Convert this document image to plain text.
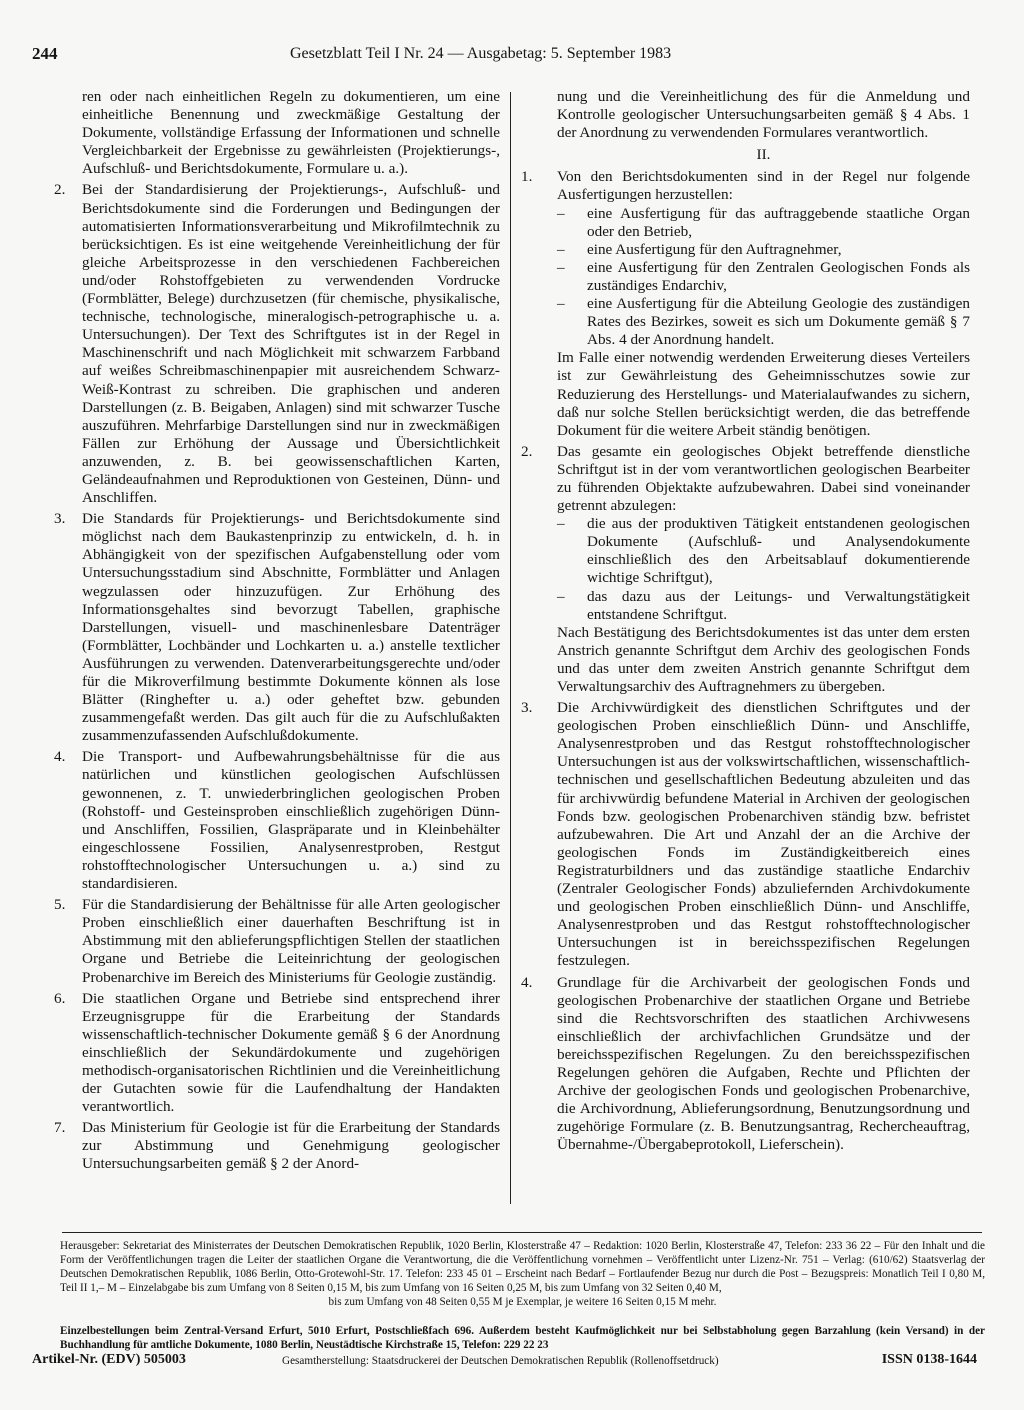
244	Gesetzblatt Teil I Nr. 24 — Ausgabetag: 5. September 1983

ren oder nach einheitlichen Regeln zu dokumentieren, um eine einheitliche Benennung und zweckmäßige Gestaltung der Dokumente, vollständige Erfassung der Informationen und schnelle Vergleichbarkeit der Ergebnisse zu gewährleisten (Projektierungs-, Aufschluß- und Berichtsdokumente, Formulare u. a.).

2. Bei der Standardisierung der Projektierungs-, Aufschluß- und Berichtsdokumente sind die Forderungen und Bedingungen der automatisierten Informationsverarbeitung und Mikrofilmtechnik zu berücksichtigen. Es ist eine weitgehende Vereinheitlichung der für gleiche Arbeitsprozesse in den verschiedenen Fachbereichen und/oder Rohstoffgebieten zu verwendenden Vordrucke (Formblätter, Belege) durchzusetzen (für chemische, physikalische, technische, technologische, mineralogisch-petrographische u. a. Untersuchungen). Der Text des Schriftgutes ist in der Regel in Maschinenschrift und nach Möglichkeit mit schwarzem Farbband auf weißes Schreibmaschinenpapier mit ausreichendem Schwarz-Weiß-Kontrast zu schreiben. Die graphischen und anderen Darstellungen (z. B. Beigaben, Anlagen) sind mit schwarzer Tusche auszuführen. Mehrfarbige Darstellungen sind nur in zweckmäßigen Fällen zur Erhöhung der Aussage und Übersichtlichkeit anzuwenden, z. B. bei geowissenschaftlichen Karten, Geländeaufnahmen und Reproduktionen von Gesteinen, Dünn- und Anschliffen.
3. Die Standards für Projektierungs- und Berichtsdokumente sind möglichst nach dem Baukastenprinzip zu entwickeln, d. h. in Abhängigkeit von der spezifischen Aufgabenstellung oder vom Untersuchungsstadium sind Abschnitte, Formblätter und Anlagen wegzulassen oder hinzuzufügen. Zur Erhöhung des Informationsgehaltes sind bevorzugt Tabellen, graphische Darstellungen, visuell- und maschinenlesbare Datenträger (Formblätter, Lochbänder und Lochkarten u. a.) anstelle textlicher Ausführungen zu verwenden. Datenverarbeitungsgerechte und/oder für die Mikroverfilmung bestimmte Dokumente können als lose Blätter (Ringhefter u. a.) oder geheftet bzw. gebunden zusammengefaßt werden. Das gilt auch für die zu Aufschlußakten zusammenzufassenden Aufschlußdokumente.
4. Die Transport- und Aufbewahrungsbehältnisse für die aus natürlichen und künstlichen geologischen Aufschlüssen gewonnenen, z. T. unwiederbringlichen geologischen Proben (Rohstoff- und Gesteinsproben einschließlich zugehörigen Dünn- und Anschliffen, Fossilien, Glaspräparate und in Kleinbehälter eingeschlossene Fossilien, Analysenrestproben, Restgut rohstofftechnologischer Untersuchungen u. a.) sind zu standardisieren.
5. Für die Standardisierung der Behältnisse für alle Arten geologischer Proben einschließlich einer dauerhaften Beschriftung ist in Abstimmung mit den ablieferungspflichtigen Stellen der staatlichen Organe und Betriebe die Leiteinrichtung der geologischen Probenarchive im Bereich des Ministeriums für Geologie zuständig.
6. Die staatlichen Organe und Betriebe sind entsprechend ihrer Erzeugnisgruppe für die Erarbeitung der Standards wissenschaftlich-technischer Dokumente gemäß § 6 der Anordnung einschließlich der Sekundärdokumente und zugehörigen methodisch-organisatorischen Richtlinien und die Vereinheitlichung der Gutachten sowie für die Laufendhaltung der Handakten verantwortlich.
7. Das Ministerium für Geologie ist für die Erarbeitung der Standards zur Abstimmung und Genehmigung geologischer Untersuchungsarbeiten gemäß § 2 der Anord-

nung und die Vereinheitlichung des für die Anmeldung und Kontrolle geologischer Untersuchungsarbeiten gemäß § 4 Abs. 1 der Anordnung zu verwendenden Formulares verantwortlich.

II.

1. Von den Berichtsdokumenten sind in der Regel nur folgende Ausfertigungen herzustellen:

– eine Ausfertigung für das auftraggebende staatliche Organ oder den Betrieb,
– eine Ausfertigung für den Auftragnehmer,
– eine Ausfertigung für den Zentralen Geologischen Fonds als zuständiges Endarchiv,
– eine Ausfertigung für die Abteilung Geologie des zuständigen Rates des Bezirkes, soweit es sich um Dokumente gemäß § 7 Abs. 4 der Anordnung handelt.

Im Falle einer notwendig werdenden Erweiterung dieses Verteilers ist zur Gewährleistung des Geheimnisschutzes sowie zur Reduzierung des Herstellungs- und Materialaufwandes zu sichern, daß nur solche Stellen berücksichtigt werden, die das betreffende Dokument für die weitere Arbeit ständig benötigen.

2. Das gesamte ein geologisches Objekt betreffende dienstliche Schriftgut ist in der vom verantwortlichen geologischen Bearbeiter zu führenden Objektakte aufzubewahren. Dabei sind voneinander getrennt abzulegen:

– die aus der produktiven Tätigkeit entstandenen geologischen Dokumente (Aufschluß- und Analysendokumente einschließlich des den Arbeitsablauf dokumentierende wichtige Schriftgut),
– das dazu aus der Leitungs- und Verwaltungstätigkeit entstandene Schriftgut.

Nach Bestätigung des Berichtsdokumentes ist das unter dem ersten Anstrich genannte Schriftgut dem Archiv des geologischen Fonds und das unter dem zweiten Anstrich genannte Schriftgut dem Verwaltungsarchiv des Auftragnehmers zu übergeben.

3. Die Archivwürdigkeit des dienstlichen Schriftgutes und der geologischen Proben einschließlich Dünn- und Anschliffe, Analysenrestproben und das Restgut rohstofftechnologischer Untersuchungen ist aus der volkswirtschaftlichen, wissenschaftlich-technischen und gesellschaftlichen Bedeutung abzuleiten und das für archivwürdig befundene Material in Archiven der geologischen Fonds bzw. geologischen Probenarchiven ständig bzw. befristet aufzubewahren. Die Art und Anzahl der an die Archive der geologischen Fonds im Zuständigkeitbereich eines Registraturbildners und das zuständige staatliche Endarchiv (Zentraler Geologischer Fonds) abzuliefernden Archivdokumente und geologischen Proben einschließlich Dünn- und Anschliffe, Analysenrestproben und das Restgut rohstofftechnologischer Untersuchungen ist in bereichsspezifischen Regelungen festzulegen.

4. Grundlage für die Archivarbeit der geologischen Fonds und geologischen Probenarchive der staatlichen Organe und Betriebe sind die Rechtsvorschriften des staatlichen Archivwesens einschließlich der archivfachlichen Grundsätze und der bereichsspezifischen Regelungen. Zu den bereichsspezifischen Regelungen gehören die Aufgaben, Rechte und Pflichten der Archive der geologischen Fonds und geologischen Probenarchive, die Archivordnung, Ablieferungsordnung, Benutzungsordnung und zugehörige Formulare (z. B. Benutzungsantrag, Rechercheauftrag, Übernahme-/Übergabeprotokoll, Lieferschein).

Herausgeber: Sekretariat des Ministerrates der Deutschen Demokratischen Republik, 1020 Berlin, Klosterstraße 47 – Redaktion: 1020 Berlin, Klosterstraße 47, Telefon: 233 36 22 – Für den Inhalt und die Form der Veröffentlichungen tragen die Leiter der staatlichen Organe die Verantwortung, die die Veröffentlichung vornehmen – Veröffentlicht unter Lizenz-Nr. 751 – Verlag: (610/62) Staatsverlag der Deutschen Demokratischen Republik, 1086 Berlin, Otto-Grotewohl-Str. 17. Telefon: 233 45 01 – Erscheint nach Bedarf – Fortlaufender Bezug nur durch die Post – Bezugspreis: Monatlich Teil I 0,80 M, Teil II 1,– M – Einzelabgabe bis zum Umfang von 8 Seiten 0,15 M, bis zum Umfang von 16 Seiten 0,25 M, bis zum Umfang von 32 Seiten 0,40 M,

bis zum Umfang von 48 Seiten 0,55 M je Exemplar, je weitere 16 Seiten 0,15 M mehr.

Einzelbestellungen beim Zentral-Versand Erfurt, 5010 Erfurt, Postschließfach 696. Außerdem besteht Kaufmöglichkeit nur bei Selbstabholung gegen Barzahlung (kein Versand) in der Buchhandlung für amtliche Dokumente, 1080 Berlin, Neustädtische Kirchstraße 15, Telefon: 229 22 23
Artikel-Nr. (EDV) 505003	Gesamtherstellung: Staatsdruckerei der Deutschen Demokratischen Republik (Rollenoffsetdruck)	ISSN 0138-1644
